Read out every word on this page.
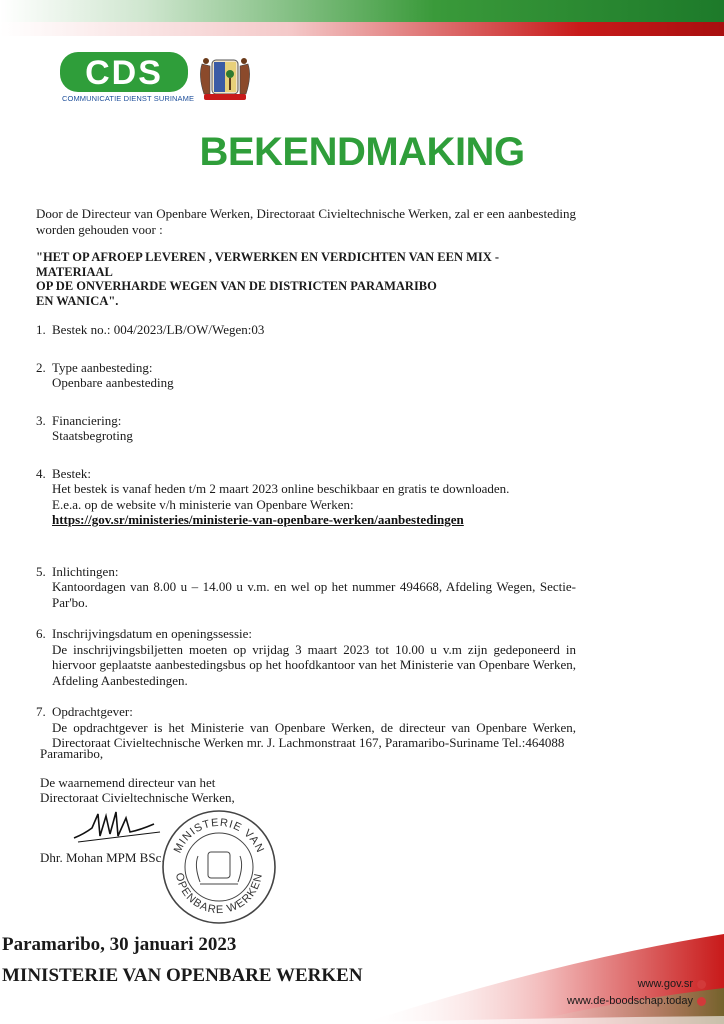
CDS
COMMUNICATIE DIENST SURINAME
BEKENDMAKING

Door de Directeur van Openbare Werken, Directoraat Civieltechnische Werken, zal er een aanbesteding worden gehouden voor :

"HET OP AFROEP LEVEREN , VERWERKEN EN VERDICHTEN VAN EEN MIX - MATERIAAL
OP DE ONVERHARDE WEGEN VAN DE DISTRICTEN PARAMARIBO
EN WANICA".
1. Bestek no.: 004/2023/LB/OW/Wegen:03
2. Type aanbesteding:
Openbare aanbesteding
3. Financiering:
Staatsbegroting
4. Bestek:
Het bestek is vanaf heden t/m 2 maart 2023 online beschikbaar en gratis te downloaden.
E.e.a. op de website v/h ministerie van Openbare Werken:
https://gov.sr/ministeries/ministerie-van-openbare-werken/aanbestedingen
5. Inlichtingen:
Kantoordagen van 8.00 u – 14.00 u v.m. en wel op het nummer 494668, Afdeling Wegen, Sectie- Par'bo.
6. Inschrijvingsdatum en openingssessie:
De inschrijvingsbiljetten moeten op vrijdag 3 maart 2023 tot 10.00 u v.m zijn gedeponeerd in hiervoor geplaatste aanbestedingsbus op het hoofdkantoor van het Ministerie van Openbare Werken, Afdeling Aanbestedingen.
7. Opdrachtgever:
De opdrachtgever is het Ministerie van Openbare Werken, de directeur van Openbare Werken, Directoraat Civieltechnische Werken mr. J. Lachmonstraat 167, Paramaribo-Suriname Tel.:464088
Paramaribo,
De waarnemend directeur van het
Directoraat Civieltechnische Werken,
Dhr. Mohan MPM BSc.
MINISTERIE VAN
OPENBARE WERKEN
Paramaribo, 30 januari 2023
MINISTERIE VAN OPENBARE WERKEN	www.gov.sr
www.de-boodschap.today
